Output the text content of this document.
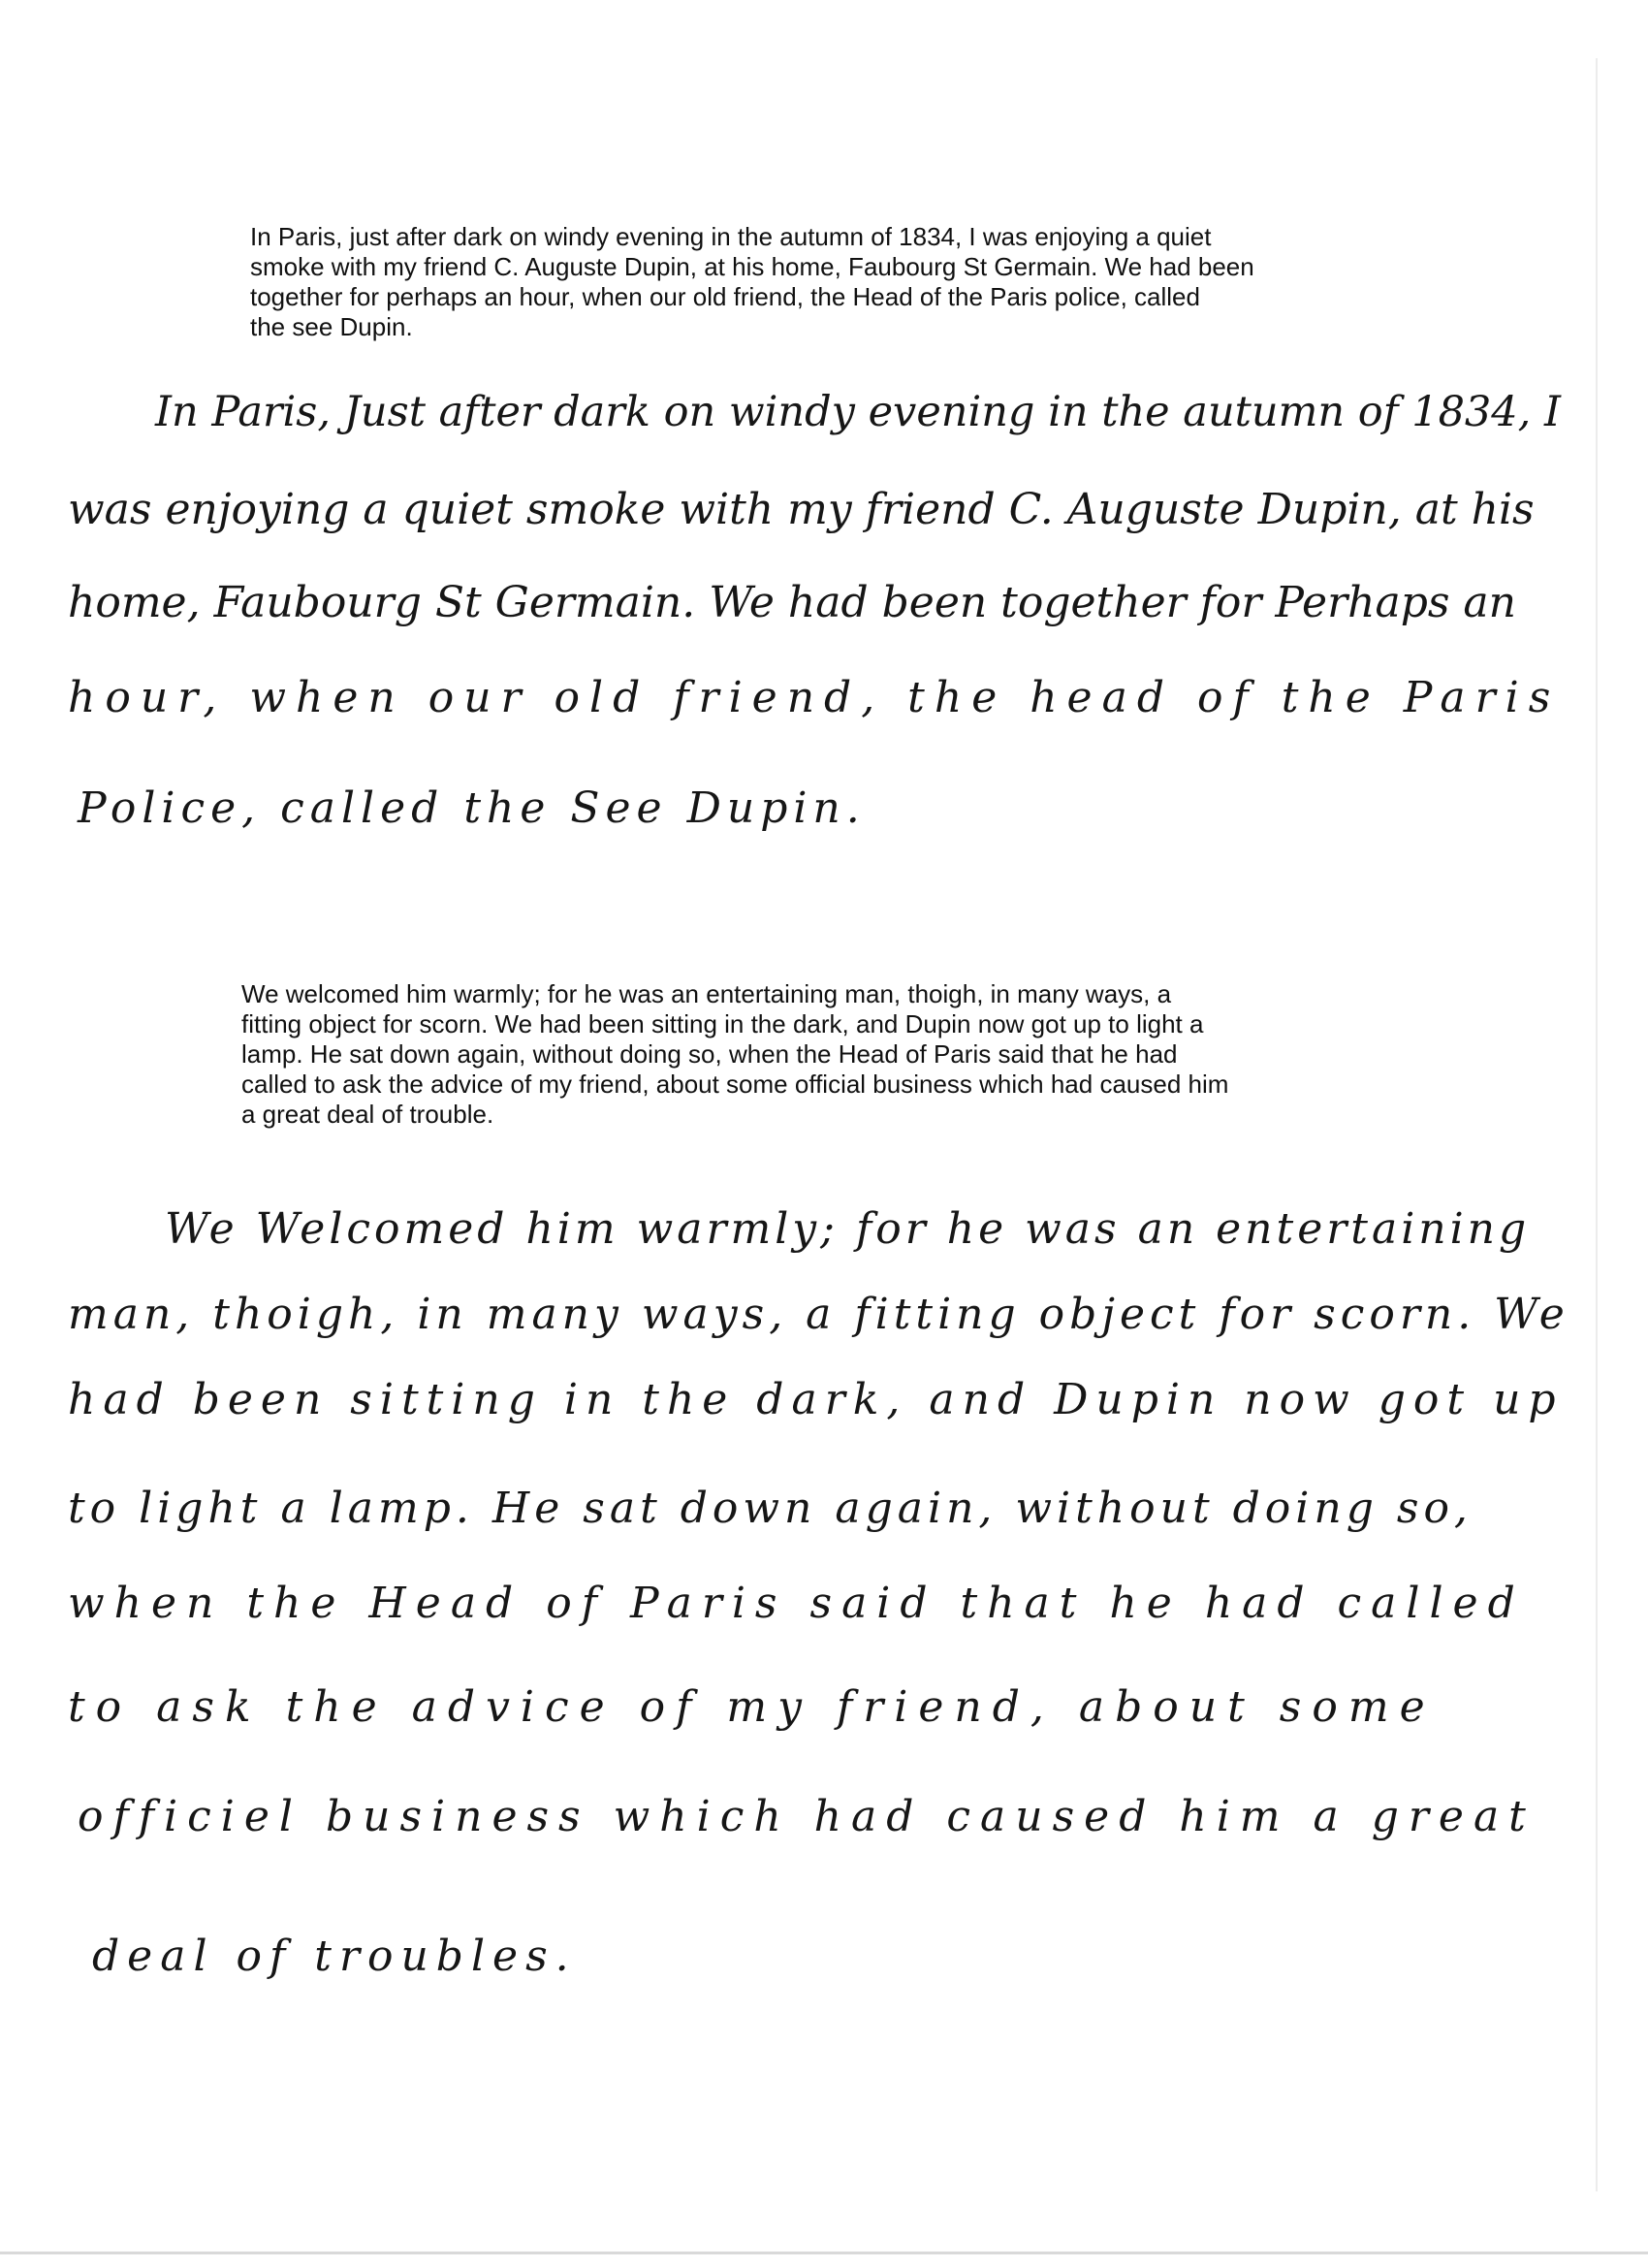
In Paris, just after dark on windy evening in the autumn of 1834, I was enjoying a quiet
smoke with my friend C. Auguste Dupin, at his home, Faubourg St Germain. We had been
together for perhaps an hour, when our old friend, the Head of the Paris police, called
the see Dupin.

In Paris, Just after dark on windy evening in the autumn of 1834, I
was enjoying a quiet smoke with my friend C. Auguste Dupin, at his
home, Faubourg St Germain. We had been together for Perhaps an
hour, when our old friend, the head of the Paris
Police, called the See Dupin.

We welcomed him warmly; for he was an entertaining man, thoigh, in many ways, a
fitting object for scorn. We had been sitting in the dark, and Dupin now got up to light a
lamp. He sat down again, without doing so, when the Head of Paris said that he had
called to ask the advice of my friend, about some official business which had caused him
a great deal of trouble.

We Welcomed him warmly; for he was an entertaining
man, thoigh, in many ways, a fitting object for scorn. We
had been sitting in the dark, and Dupin now got up
to light a lamp. He sat down again, without doing so,
when the Head of Paris said that he had called
to ask the advice of my friend, about some
officiel business which had caused him a great
deal of troubles.
